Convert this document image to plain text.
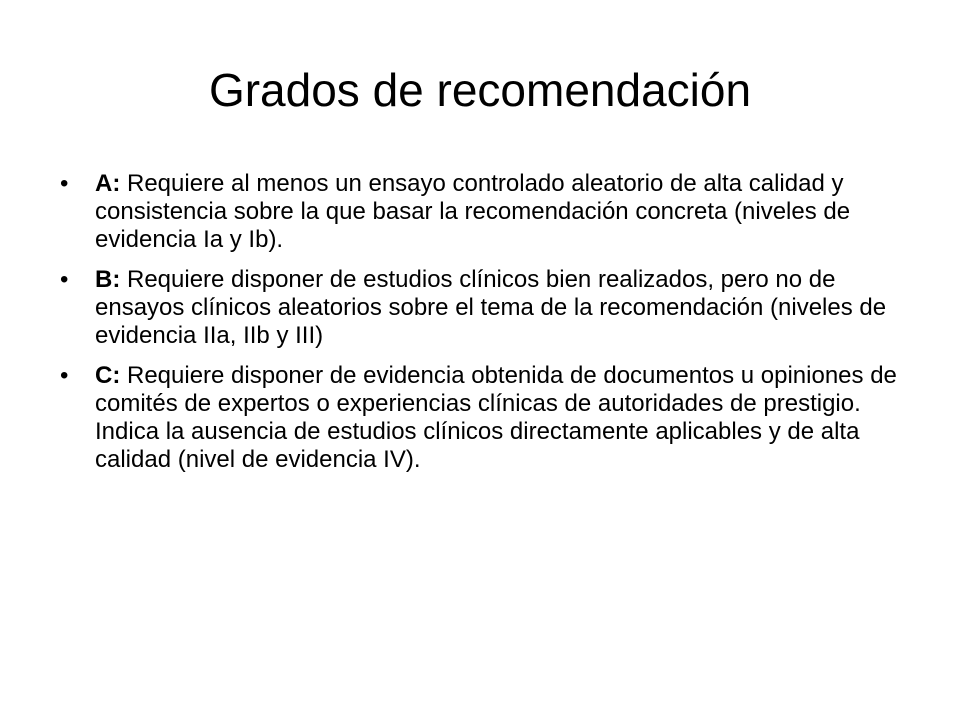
Grados de recomendación
• A: Requiere al menos un ensayo controlado aleatorio de alta calidad y consistencia sobre la que basar la recomendación concreta (niveles de evidencia Ia y Ib).
• B: Requiere disponer de estudios clínicos bien realizados, pero no de ensayos clínicos aleatorios sobre el tema de la recomendación (niveles de evidencia IIa, IIb y III)
• C: Requiere disponer de evidencia obtenida de documentos u opiniones de comités de expertos o experiencias clínicas de autoridades de prestigio. Indica la ausencia de estudios clínicos directamente aplicables y de alta calidad (nivel de evidencia IV).
